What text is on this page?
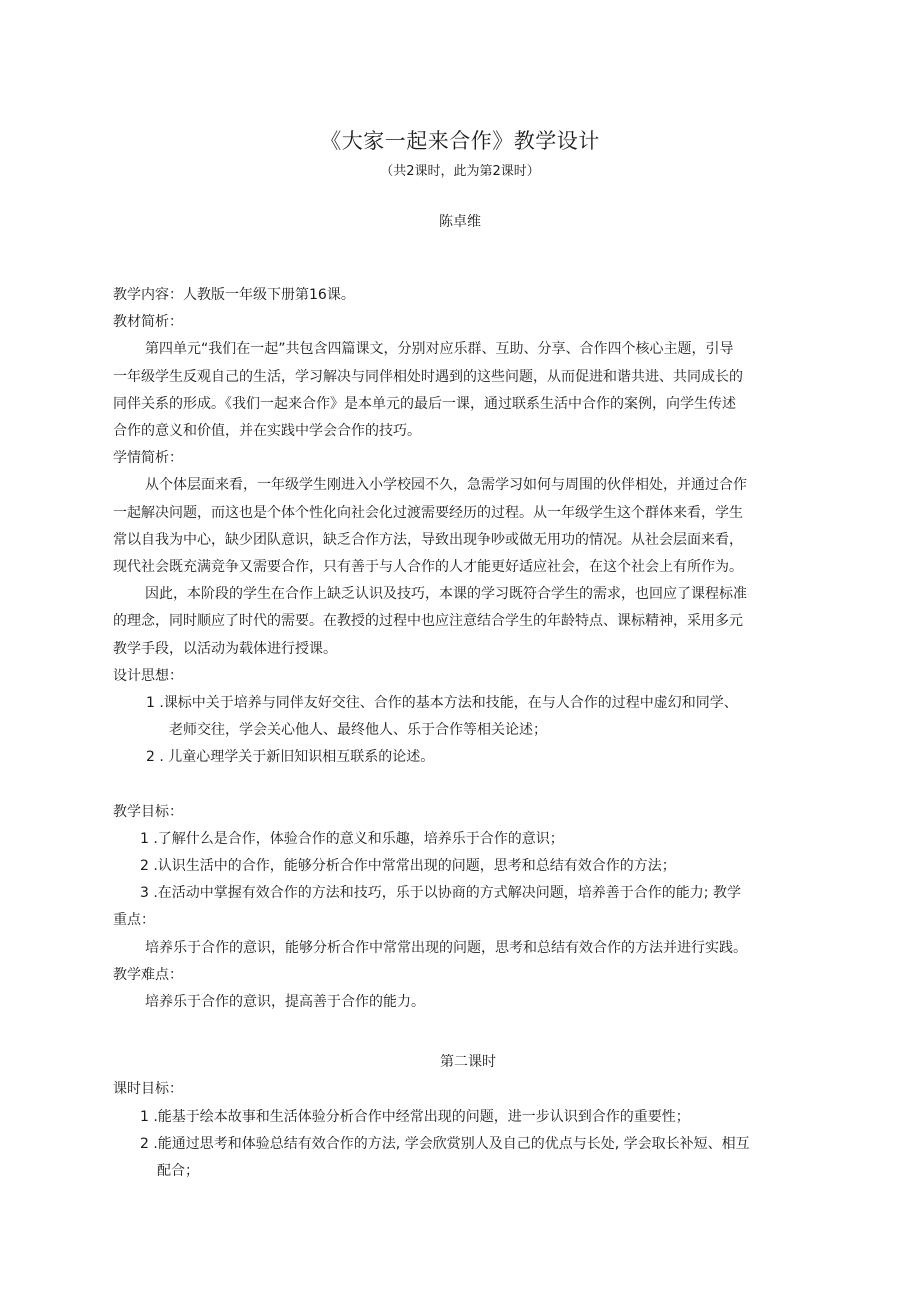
《大家一起来合作》教学设计
（共2课时，此为第2课时）
陈卓维

教学内容：人教版一年级下册第16课。

教材简析：

第四单元“我们在一起”共包含四篇课文，分别对应乐群、互助、分享、合作四个核心主题，引导

一年级学生反观自己的生活，学习解决与同伴相处时遇到的这些问题，从而促进和谐共进、共同成长的

同伴关系的形成。《我们一起来合作》是本单元的最后一课，通过联系生活中合作的案例，向学生传述

合作的意义和价值，并在实践中学会合作的技巧。

学情简析：

从个体层面来看，一年级学生刚进入小学校园不久，急需学习如何与周围的伙伴相处，并通过合作

一起解决问题，而这也是个体个性化向社会化过渡需要经历的过程。从一年级学生这个群体来看，学生

常以自我为中心，缺少团队意识，缺乏合作方法，导致出现争吵或做无用功的情况。从社会层面来看，

现代社会既充满竞争又需要合作，只有善于与人合作的人才能更好适应社会，在这个社会上有所作为。

因此，本阶段的学生在合作上缺乏认识及技巧，本课的学习既符合学生的需求，也回应了课程标准

的理念，同时顺应了时代的需要。在教授的过程中也应注意结合学生的年龄特点、课标精神，采用多元

教学手段，以活动为载体进行授课。

设计思想：

1 .课标中关于培养与同伴友好交往、合作的基本方法和技能，在与人合作的过程中虚幻和同学、

老师交往，学会关心他人、最终他人、乐于合作等相关论述；

2 . 儿童心理学关于新旧知识相互联系的论述。

教学目标：

1 .了解什么是合作，体验合作的意义和乐趣，培养乐于合作的意识；

2 .认识生活中的合作，能够分析合作中常常出现的问题，思考和总结有效合作的方法；

3 .在活动中掌握有效合作的方法和技巧，乐于以协商的方式解决问题，培养善于合作的能力; 教学

重点：

培养乐于合作的意识，能够分析合作中常常出现的问题，思考和总结有效合作的方法并进行实践。

教学难点：

培养乐于合作的意识，提高善于合作的能力。

第二课时

课时目标：

1 .能基于绘本故事和生活体验分析合作中经常出现的问题，进一步认识到合作的重要性；

2 .能通过思考和体验总结有效合作的方法, 学会欣赏别人及自己的优点与长处, 学会取长补短、相互

配合；
